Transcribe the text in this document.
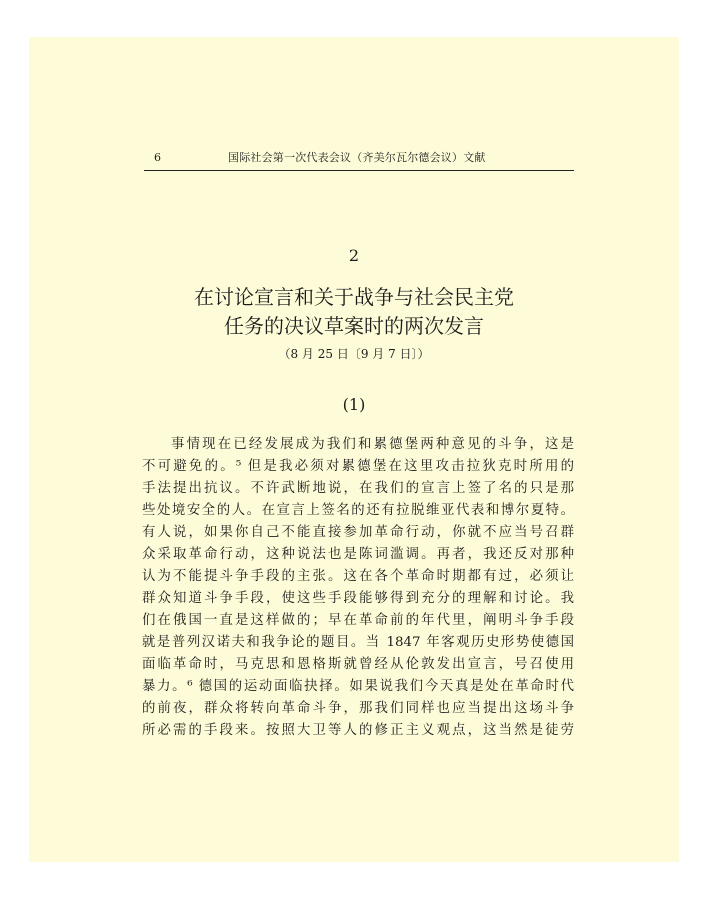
6	国际社会第一次代表会议（齐美尔瓦尔德会议）文献
2
在讨论宣言和关于战争与社会民主党
任务的决议草案时的两次发言
（8 月 25 日〔9 月 7 日〕）
(1)
事情现在已经发展成为我们和累德堡两种意见的斗争，这是
不可避免的。⁵ 但是我必须对累德堡在这里攻击拉狄克时所用的
手法提出抗议。不许武断地说，在我们的宣言上签了名的只是那
些处境安全的人。在宣言上签名的还有拉脱维亚代表和博尔夏特。
有人说，如果你自己不能直接参加革命行动，你就不应当号召群
众采取革命行动，这种说法也是陈词滥调。再者，我还反对那种
认为不能提斗争手段的主张。这在各个革命时期都有过，必须让
群众知道斗争手段，使这些手段能够得到充分的理解和讨论。我
们在俄国一直是这样做的；早在革命前的年代里，阐明斗争手段
就是普列汉诺夫和我争论的题目。当 1847 年客观历史形势使德国
面临革命时，马克思和恩格斯就曾经从伦敦发出宣言，号召使用
暴力。⁶ 德国的运动面临抉择。如果说我们今天真是处在革命时代
的前夜，群众将转向革命斗争，那我们同样也应当提出这场斗争
所必需的手段来。按照大卫等人的修正主义观点，这当然是徒劳
